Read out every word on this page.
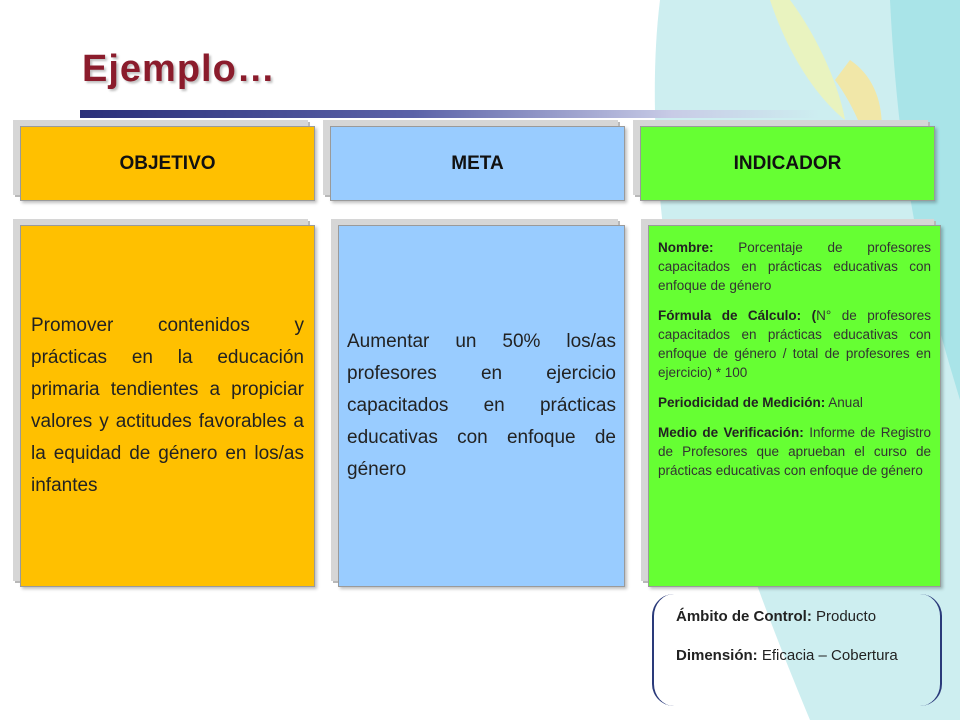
Ejemplo…
OBJETIVO	META	INDICADOR
Promover contenidos y prácticas en la educación primaria tendientes a propiciar valores y actitudes favorables a la equidad de género en los/as infantes
Aumentar un 50% los/as profesores en ejercicio capacitados en prácticas educativas con enfoque de género

Nombre: Porcentaje de profesores capacitados en prácticas educativas con enfoque de género

Fórmula de Cálculo: (N° de profesores capacitados en prácticas educativas con enfoque de género / total de profesores en ejercicio) * 100

Periodicidad de Medición: Anual

Medio de Verificación: Informe de Registro de Profesores que aprueban el curso de prácticas educativas con enfoque de género

Ámbito de Control: Producto

Dimensión: Eficacia – Cobertura
